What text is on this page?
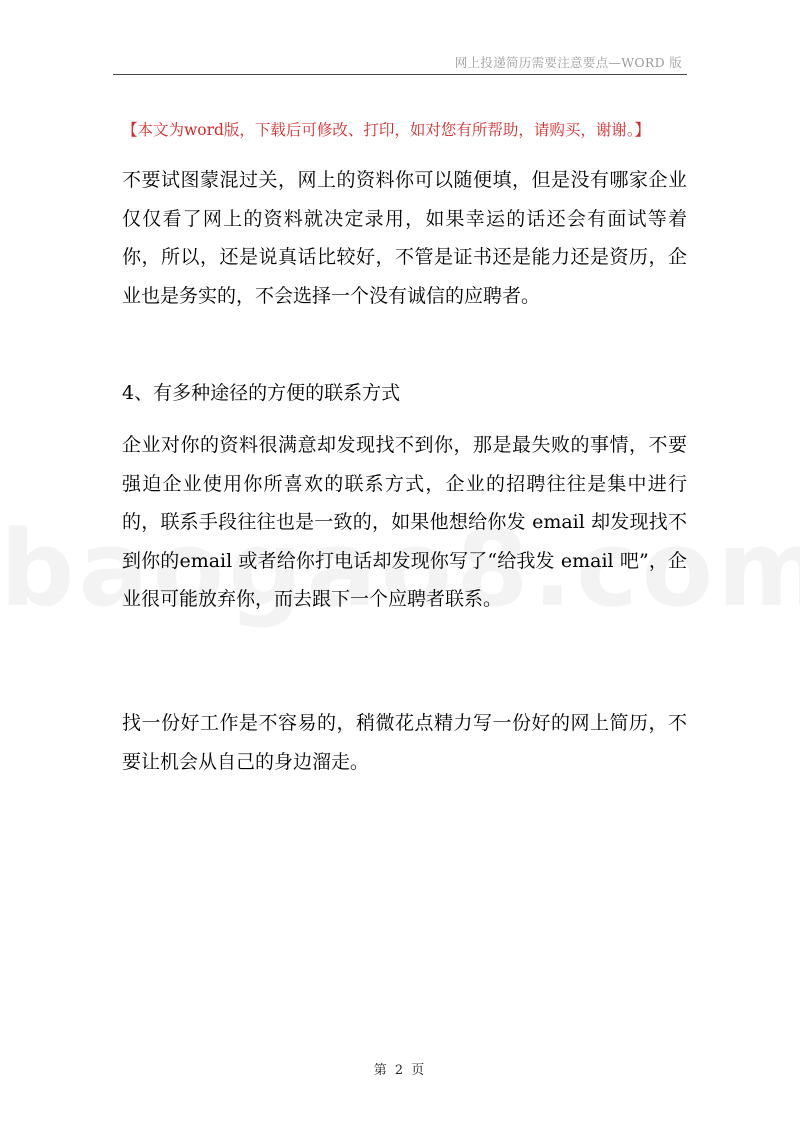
网上投递简历需要注意要点—WORD 版
【本文为word版，下载后可修改、打印，如对您有所帮助，请购买，谢谢。】

不要试图蒙混过关，网上的资料你可以随便填，但是没有哪家企业仅仅看了网上的资料就决定录用，如果幸运的话还会有面试等着你，所以，还是说真话比较好，不管是证书还是能力还是资历，企业也是务实的，不会选择一个没有诚信的应聘者。

4、有多种途径的方便的联系方式

企业对你的资料很满意却发现找不到你，那是最失败的事情，不要强迫企业使用你所喜欢的联系方式，企业的招聘往往是集中进行的，联系手段往往也是一致的，如果他想给你发 email 却发现找不到你的email 或者给你打电话却发现你写了“给我发 email 吧”，企业很可能放弃你，而去跟下一个应聘者联系。

找一份好工作是不容易的，稍微花点精力写一份好的网上简历，不要让机会从自己的身边溜走。

第 2 页
